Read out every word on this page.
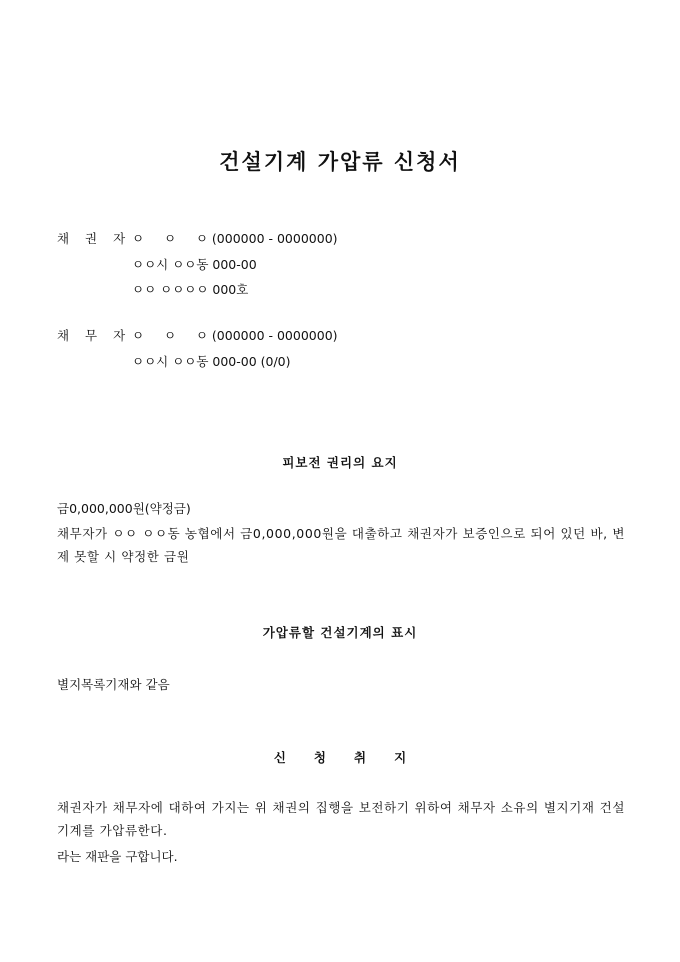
건설기계 가압류 신청서
채 권 자 ㅇ     ㅇ     ㅇ (000000 - 0000000)
ㅇㅇ시 ㅇㅇ동 000-00
ㅇㅇ ㅇㅇㅇㅇ 000호
채 무 자 ㅇ     ㅇ     ㅇ (000000 - 0000000)
ㅇㅇ시 ㅇㅇ동 000-00 (0/0)
피보전 권리의 요지
금0,000,000원(약정금)
채무자가 ㅇㅇ ㅇㅇ동 농협에서 금0,000,000원을 대출하고 채권자가 보증인으로 되어 있던 바, 변제 못할 시 약정한 금원
가압류할 건설기계의 표시
별지목록기재와 같음
신청취지
채권자가 채무자에 대하여 가지는 위 채권의 집행을 보전하기 위하여 채무자 소유의 별지기재 건설기계를 가압류한다.
라는 재판을 구합니다.
